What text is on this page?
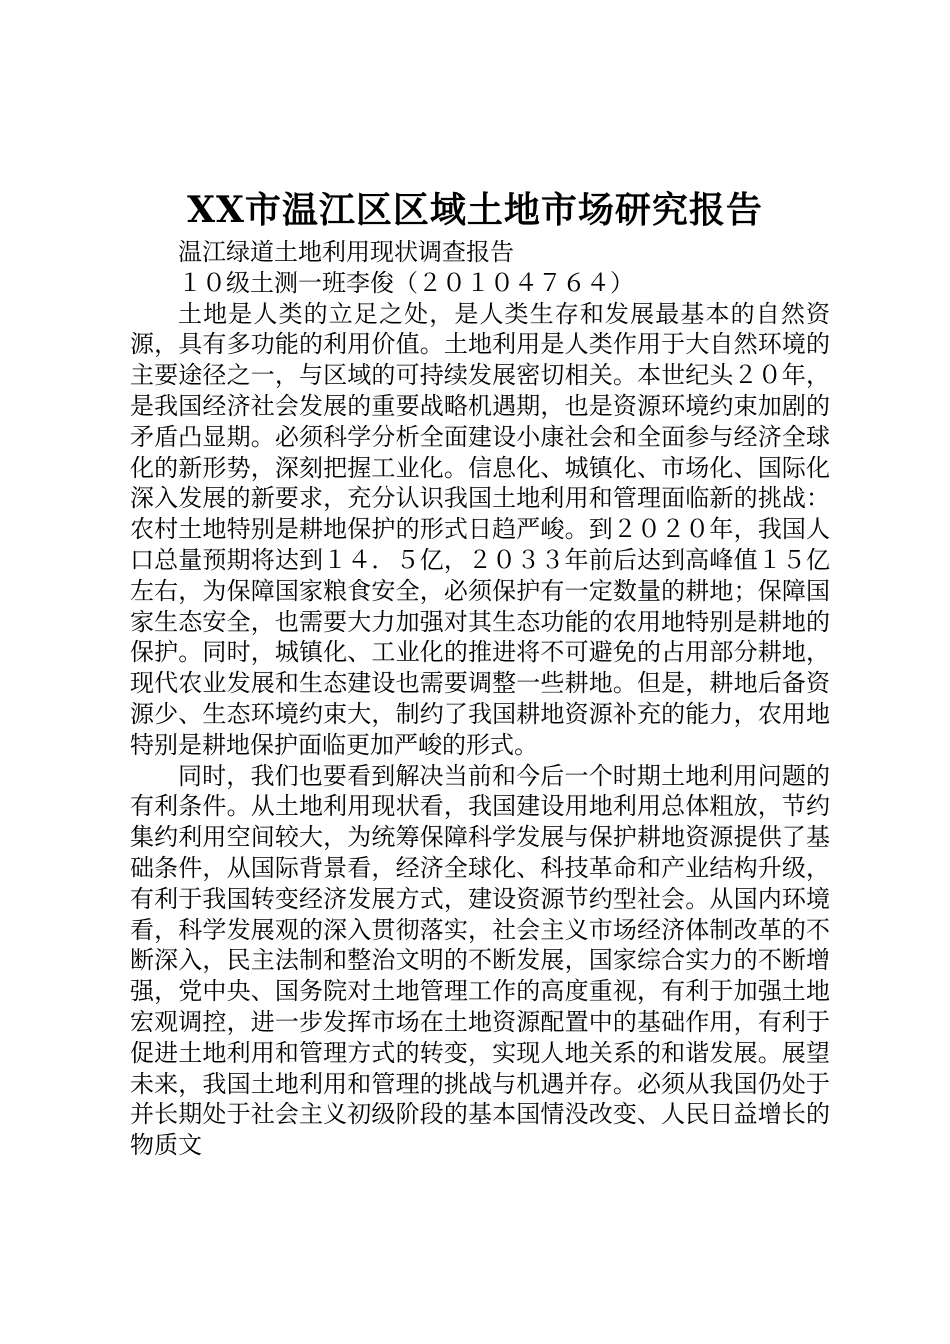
XX市温江区区域土地市场研究报告

温江绿道土地利用现状调查报告

１０级土测一班李俊（２０１０４７６４）

土地是人类的立足之处，是人类生存和发展最基本的自然资源，具有多功能的利用价值。土地利用是人类作用于大自然环境的主要途径之一，与区域的可持续发展密切相关。本世纪头２０年，是我国经济社会发展的重要战略机遇期，也是资源环境约束加剧的矛盾凸显期。必须科学分析全面建设小康社会和全面参与经济全球化的新形势，深刻把握工业化。信息化、城镇化、市场化、国际化深入发展的新要求，充分认识我国土地利用和管理面临新的挑战：农村土地特别是耕地保护的形式日趋严峻。到２０２０年，我国人口总量预期将达到１４．５亿，２０３３年前后达到高峰值１５亿左右，为保障国家粮食安全，必须保护有一定数量的耕地；保障国家生态安全，也需要大力加强对其生态功能的农用地特别是耕地的保护。同时，城镇化、工业化的推进将不可避免的占用部分耕地，现代农业发展和生态建设也需要调整一些耕地。但是，耕地后备资源少、生态环境约束大，制约了我国耕地资源补充的能力，农用地特别是耕地保护面临更加严峻的形式。

同时，我们也要看到解决当前和今后一个时期土地利用问题的有利条件。从土地利用现状看，我国建设用地利用总体粗放，节约集约利用空间较大，为统筹保障科学发展与保护耕地资源提供了基础条件，从国际背景看，经济全球化、科技革命和产业结构升级，有利于我国转变经济发展方式，建设资源节约型社会。从国内环境看，科学发展观的深入贯彻落实，社会主义市场经济体制改革的不断深入，民主法制和整治文明的不断发展，国家综合实力的不断增强，党中央、国务院对土地管理工作的高度重视，有利于加强土地宏观调控，进一步发挥市场在土地资源配置中的基础作用，有利于促进土地利用和管理方式的转变，实现人地关系的和谐发展。展望未来，我国土地利用和管理的挑战与机遇并存。必须从我国仍处于并长期处于社会主义初级阶段的基本国情没改变、人民日益增长的物质文
